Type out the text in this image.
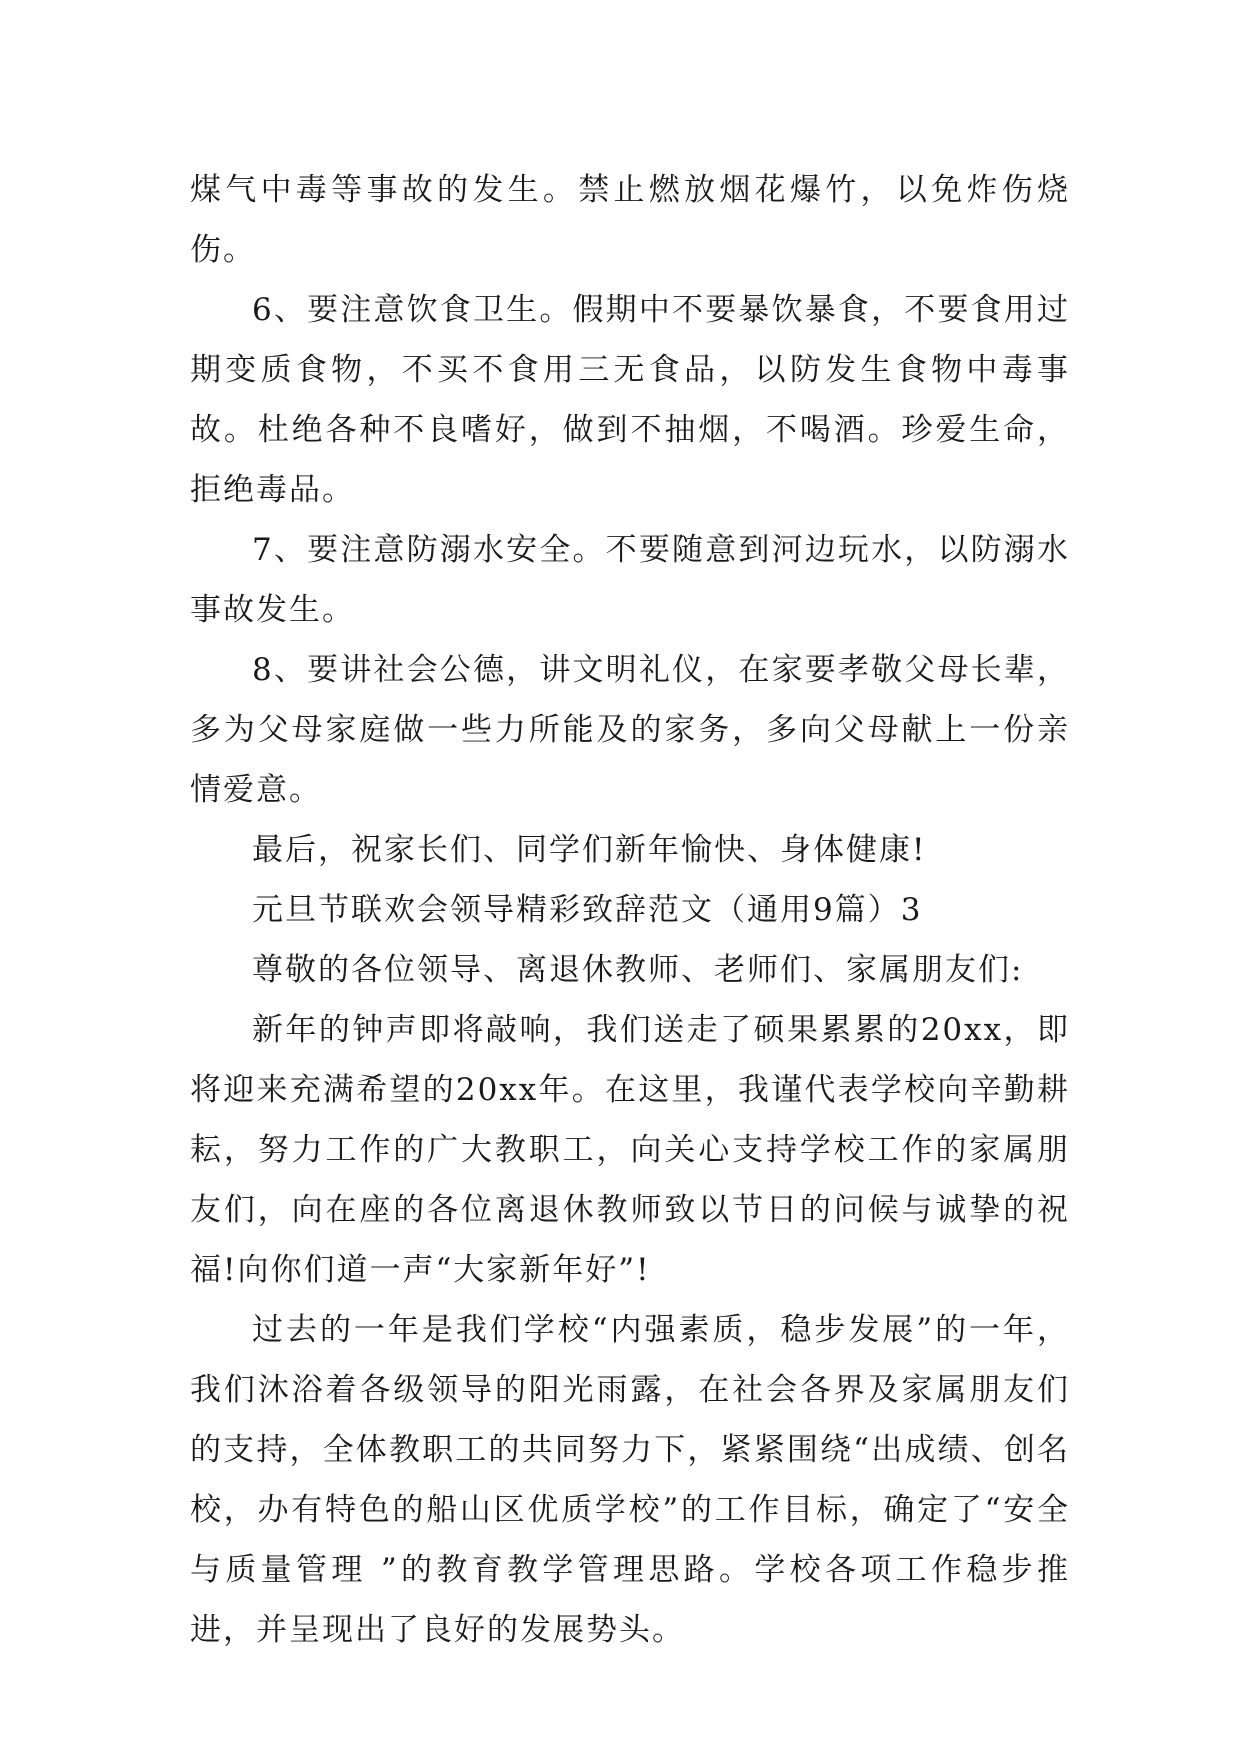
煤气中毒等事故的发生。禁止燃放烟花爆竹，以免炸伤烧伤。

6、要注意饮食卫生。假期中不要暴饮暴食，不要食用过期变质食物，不买不食用三无食品，以防发生食物中毒事故。杜绝各种不良嗜好，做到不抽烟，不喝酒。珍爱生命，拒绝毒品。

7、要注意防溺水安全。不要随意到河边玩水，以防溺水事故发生。

8、要讲社会公德，讲文明礼仪，在家要孝敬父母长辈，多为父母家庭做一些力所能及的家务，多向父母献上一份亲情爱意。

最后，祝家长们、同学们新年愉快、身体健康!

元旦节联欢会领导精彩致辞范文（通用9篇）3

尊敬的各位领导、离退休教师、老师们、家属朋友们:

新年的钟声即将敲响，我们送走了硕果累累的20xx，即将迎来充满希望的20xx年。在这里，我谨代表学校向辛勤耕耘，努力工作的广大教职工，向关心支持学校工作的家属朋友们，向在座的各位离退休教师致以节日的问候与诚挚的祝福!向你们道一声“大家新年好”!

过去的一年是我们学校“内强素质，稳步发展”的一年，我们沐浴着各级领导的阳光雨露，在社会各界及家属朋友们的支持，全体教职工的共同努力下，紧紧围绕“出成绩、创名校，办有特色的船山区优质学校”的工作目标，确定了“安全与质量管理 ”的教育教学管理思路。学校各项工作稳步推进，并呈现出了良好的发展势头。
